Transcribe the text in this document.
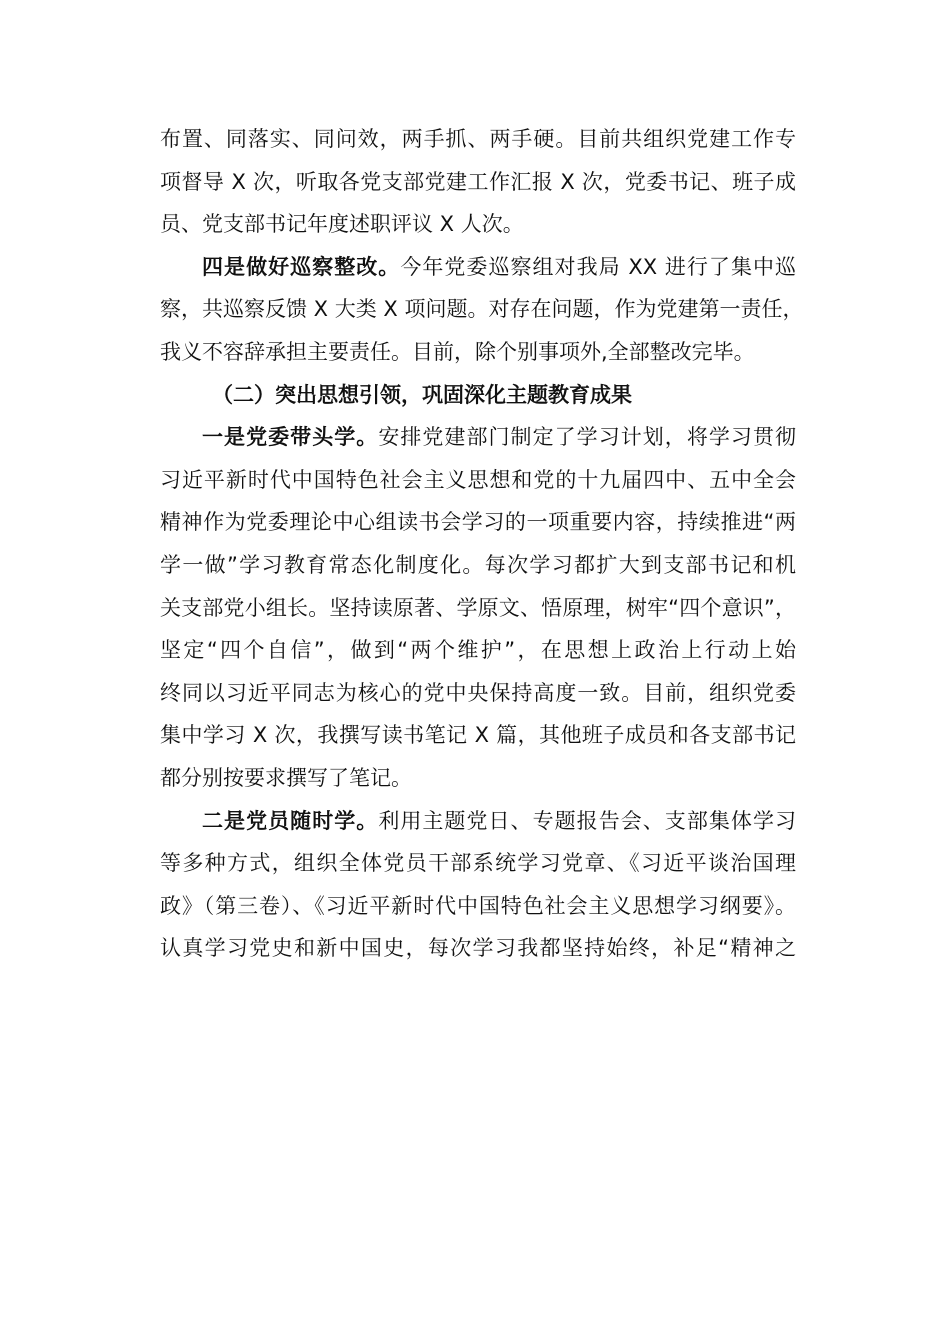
布置、同落实、同问效，两手抓、两手硬。目前共组织党建工作专
项督导 X 次，听取各党支部党建工作汇报 X 次，党委书记、班子成
员、党支部书记年度述职评议 X 人次。
四是做好巡察整改。今年党委巡察组对我局 XX 进行了集中巡
察，共巡察反馈 X 大类 X 项问题。对存在问题，作为党建第一责任，
我义不容辞承担主要责任。目前，除个别事项外,全部整改完毕。
（二）突出思想引领，巩固深化主题教育成果
一是党委带头学。安排党建部门制定了学习计划，将学习贯彻
习近平新时代中国特色社会主义思想和党的十九届四中、五中全会
精神作为党委理论中心组读书会学习的一项重要内容，持续推进“两
学一做”学习教育常态化制度化。每次学习都扩大到支部书记和机
关支部党小组长。坚持读原著、学原文、悟原理，树牢“四个意识”，
坚定“四个自信”，做到“两个维护”，在思想上政治上行动上始
终同以习近平同志为核心的党中央保持高度一致。目前，组织党委
集中学习 X 次，我撰写读书笔记 X 篇，其他班子成员和各支部书记
都分别按要求撰写了笔记。
二是党员随时学。利用主题党日、专题报告会、支部集体学习
等多种方式，组织全体党员干部系统学习党章、《习近平谈治国理
政》（第三卷）、《习近平新时代中国特色社会主义思想学习纲要》。
认真学习党史和新中国史，每次学习我都坚持始终，补足“精神之
